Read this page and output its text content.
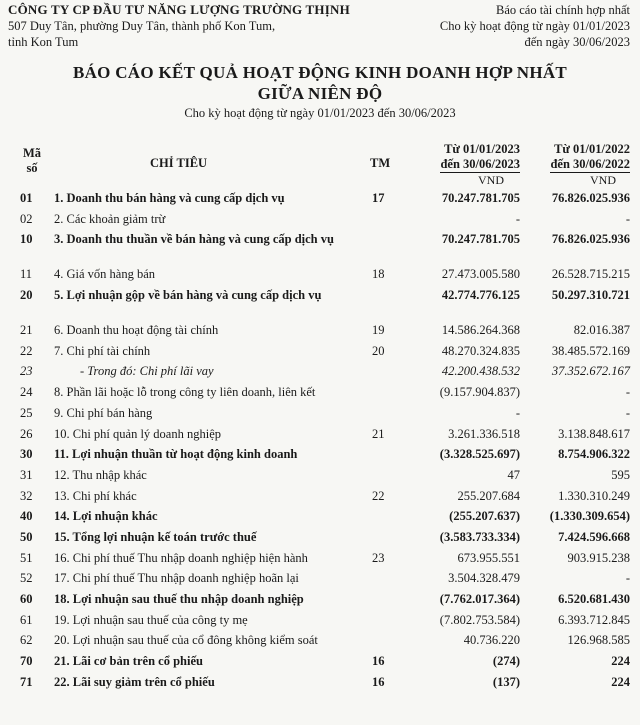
CÔNG TY CP ĐẦU TƯ NĂNG LƯỢNG TRƯỜNG THỊNH
507 Duy Tân, phường Duy Tân, thành phố Kon Tum,
tỉnh Kon Tum
Báo cáo tài chính hợp nhất
Cho kỳ hoạt động từ ngày 01/01/2023
đến ngày 30/06/2023
BÁO CÁO KẾT QUẢ HOẠT ĐỘNG KINH DOANH HỢP NHẤT
GIỮA NIÊN ĐỘ
Cho kỳ hoạt động từ ngày 01/01/2023 đến 30/06/2023
Mã
số	CHỈ TIÊU	TM
Từ 01/01/2023
đến 30/06/2023
Từ 01/01/2022
đến 30/06/2022
VND	VND
01	1. Doanh thu bán hàng và cung cấp dịch vụ	17	70.247.781.705	76.826.025.936
02	2. Các khoản giảm trừ	-	-
10	3. Doanh thu thuần về bán hàng và cung cấp dịch vụ	70.247.781.705	76.826.025.936
11	4. Giá vốn hàng bán	18	27.473.005.580	26.528.715.215
20	5. Lợi nhuận gộp về bán hàng và cung cấp dịch vụ	42.774.776.125	50.297.310.721
21	6. Doanh thu hoạt động tài chính	19	14.586.264.368	82.016.387
22	7. Chi phí tài chính	20	48.270.324.835	38.485.572.169
23	- Trong đó: Chi phí lãi vay	42.200.438.532	37.352.672.167
24	8. Phần lãi hoặc lỗ trong công ty liên doanh, liên kết	(9.157.904.837)	-
25	9. Chi phí bán hàng	-	-
26	10. Chi phí quản lý doanh nghiệp	21	3.261.336.518	3.138.848.617
30	11. Lợi nhuận thuần từ hoạt động kinh doanh	(3.328.525.697)	8.754.906.322
31	12. Thu nhập khác	47	595
32	13. Chi phí khác	22	255.207.684	1.330.310.249
40	14. Lợi nhuận khác	(255.207.637) (1.330.309.654)
50	15. Tổng lợi nhuận kế toán trước thuế	(3.583.733.334)	7.424.596.668
51	16. Chi phí thuế Thu nhập doanh nghiệp hiện hành	23	673.955.551	903.915.238
52	17. Chi phí thuế Thu nhập doanh nghiệp hoãn lại	3.504.328.479	-
60	18. Lợi nhuận sau thuế thu nhập doanh nghiệp	(7.762.017.364)	6.520.681.430
61	19. Lợi nhuận sau thuế của công ty mẹ	(7.802.753.584)	6.393.712.845
62	20. Lợi nhuận sau thuế của cổ đông không kiểm soát	40.736.220	126.968.585
70	21. Lãi cơ bản trên cổ phiếu	16	(274)	224
71	22. Lãi suy giảm trên cổ phiếu	16	(137)	224
